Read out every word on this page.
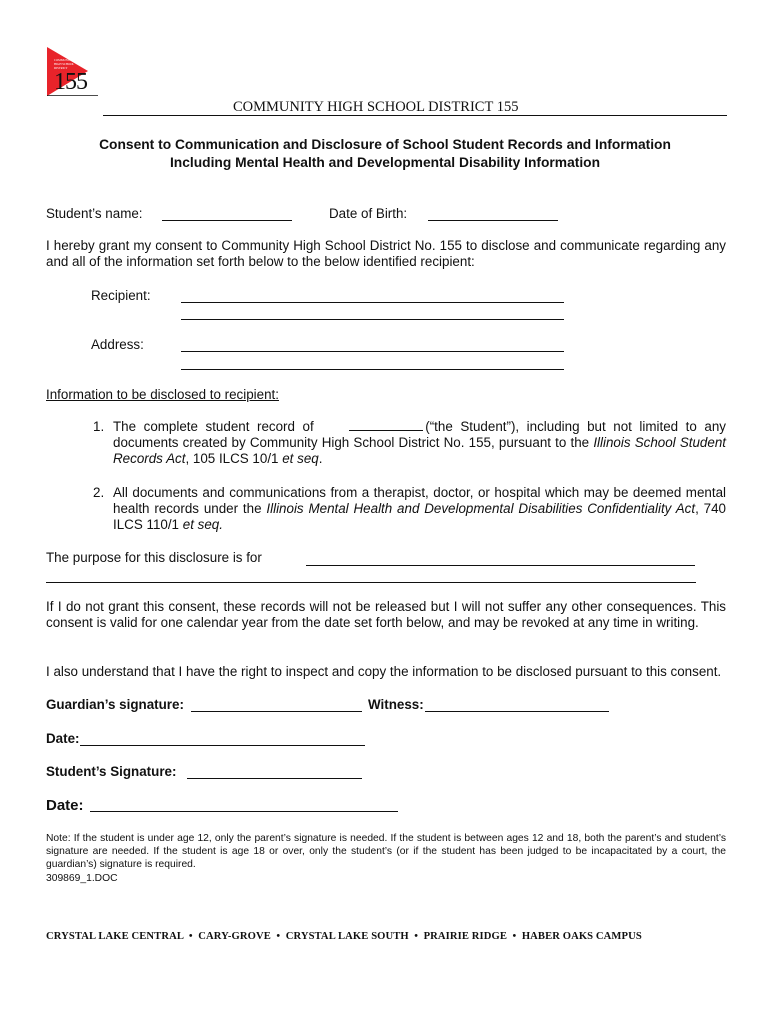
COMMUNITY HIGH SCHOOL DISTRICT
155
COMMUNITY HIGH SCHOOL DISTRICT 155
Consent to Communication and Disclosure of School Student Records and Information
Including Mental Health and Developmental Disability Information
Student’s name:	Date of Birth:
I hereby grant my consent to Community High School District No. 155 to disclose and communicate regarding any and all of the information set forth below to the below identified recipient:
Recipient:
Address:
Information to be disclosed to recipient:
1. The complete student record of	(“the Student”), including but not limited to any documents created by Community High School District No. 155, pursuant to the Illinois School Student Records Act, 105 ILCS 10/1 et seq.
2. All documents and communications from a therapist, doctor, or hospital which may be deemed mental health records under the Illinois Mental Health and Developmental Disabilities Confidentiality Act, 740 ILCS 110/1 et seq.
The purpose for this disclosure is for
If I do not grant this consent, these records will not be released but I will not suffer any other consequences. This consent is valid for one calendar year from the date set forth below, and may be revoked at any time in writing.
I also understand that I have the right to inspect and copy the information to be disclosed pursuant to this consent.
Guardian’s signature:	Witness:
Date:
Student’s Signature:
Date:
Note: If the student is under age 12, only the parent’s signature is needed. If the student is between ages 12 and 18, both the parent’s and student’s signature are needed. If the student is age 18 or over, only the student’s (or if the student has been judged to be incapacitated by a court, the guardian’s) signature is required.
309869_1.DOC
CRYSTAL LAKE CENTRAL • CARY-GROVE • CRYSTAL LAKE SOUTH • PRAIRIE RIDGE • HABER OAKS CAMPUS
